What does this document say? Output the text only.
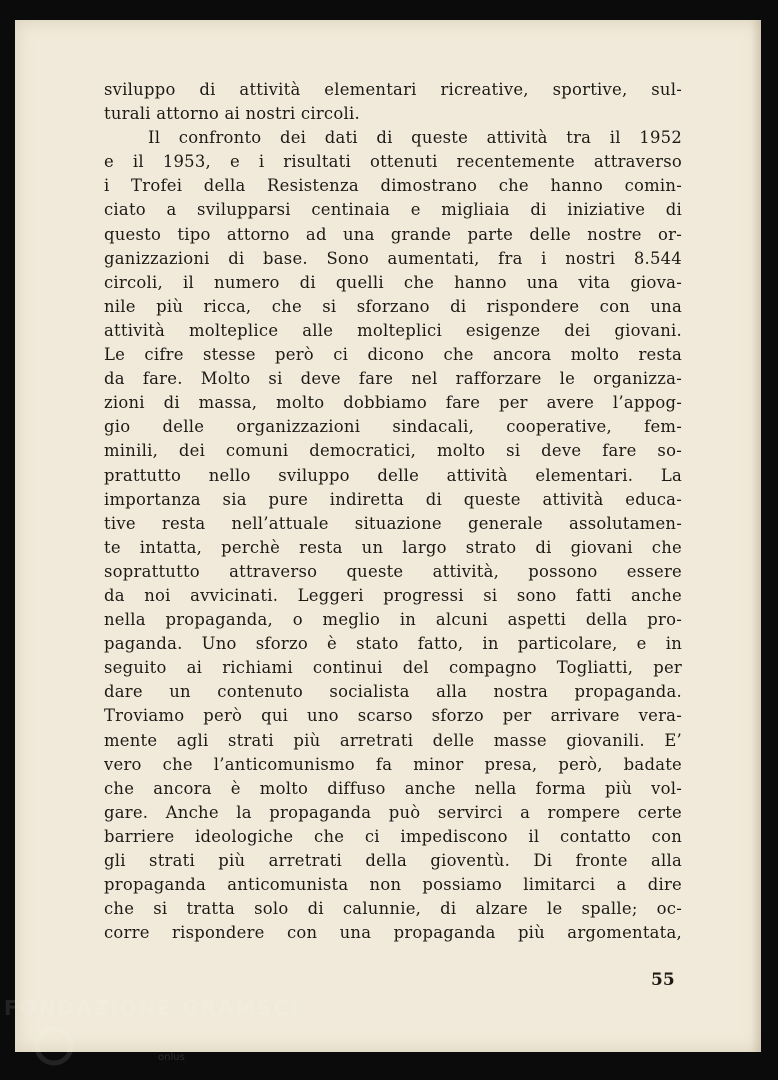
sviluppo di attività elementari ricreative, sportive, sul-
turali attorno ai nostri circoli.
Il confronto dei dati di queste attività tra il 1952
e il 1953, e i risultati ottenuti recentemente attraverso
i Trofei della Resistenza dimostrano che hanno comin-
ciato a svilupparsi centinaia e migliaia di iniziative di
questo tipo attorno ad una grande parte delle nostre or-
ganizzazioni di base. Sono aumentati, fra i nostri 8.544
circoli, il numero di quelli che hanno una vita giova-
nile più ricca, che si sforzano di rispondere con una
attività molteplice alle molteplici esigenze dei giovani.
Le cifre stesse però ci dicono che ancora molto resta
da fare. Molto si deve fare nel rafforzare le organizza-
zioni di massa, molto dobbiamo fare per avere l’appog-
gio delle organizzazioni sindacali, cooperative, fem-
minili, dei comuni democratici, molto si deve fare so-
prattutto nello sviluppo delle attività elementari. La
importanza sia pure indiretta di queste attività educa-
tive resta nell’attuale situazione generale assolutamen-
te intatta, perchè resta un largo strato di giovani che
soprattutto attraverso queste attività, possono essere
da noi avvicinati. Leggeri progressi si sono fatti anche
nella propaganda, o meglio in alcuni aspetti della pro-
paganda. Uno sforzo è stato fatto, in particolare, e in
seguito ai richiami continui del compagno Togliatti, per
dare un contenuto socialista alla nostra propaganda.
Troviamo però qui uno scarso sforzo per arrivare vera-
mente agli strati più arretrati delle masse giovanili. E’
vero che l’anticomunismo fa minor presa, però, badate
che ancora è molto diffuso anche nella forma più vol-
gare. Anche la propaganda può servirci a rompere certe
barriere ideologiche che ci impediscono il contatto con
gli strati più arretrati della gioventù. Di fronte alla
propaganda anticomunista non possiamo limitarci a dire
che si tratta solo di calunnie, di alzare le spalle; oc-
corre rispondere con una propaganda più argomentata,
55
FONDAZIONE GRAMSCI
onlus
